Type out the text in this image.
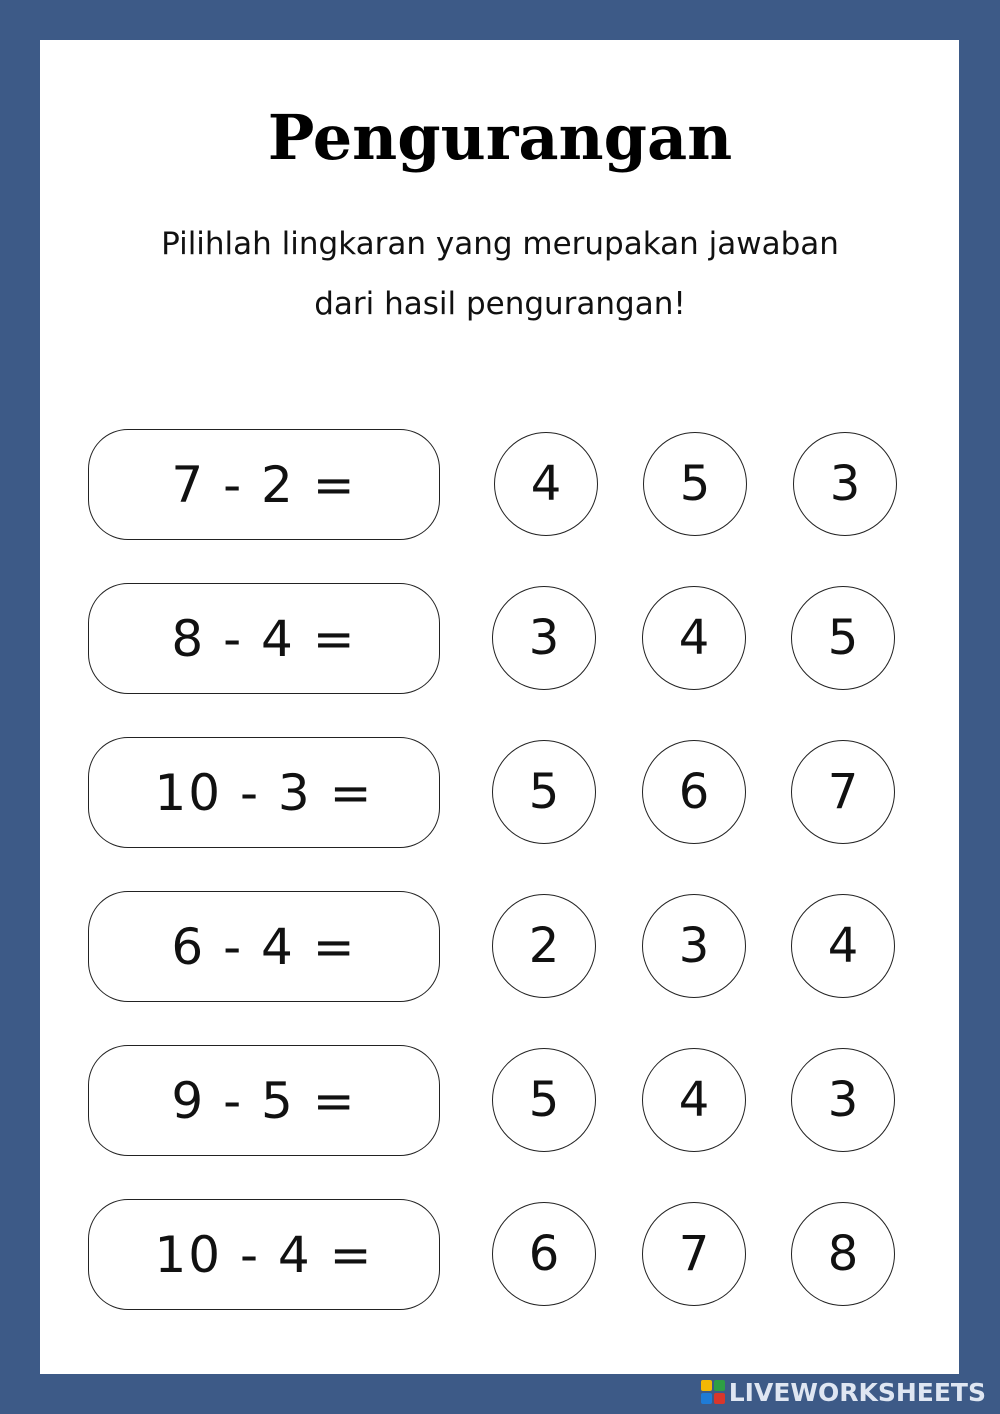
Pengurangan
Pilihlah lingkaran yang merupakan jawaban
dari hasil pengurangan!
7 - 2 =	4	5	3
8 - 4 =	3	4	5
10 - 3 =	5	6	7
6 - 4 =	2	3	4
9 - 5 =	5	4	3
10 - 4 =	6	7	8
LIVEWORKSHEETS
